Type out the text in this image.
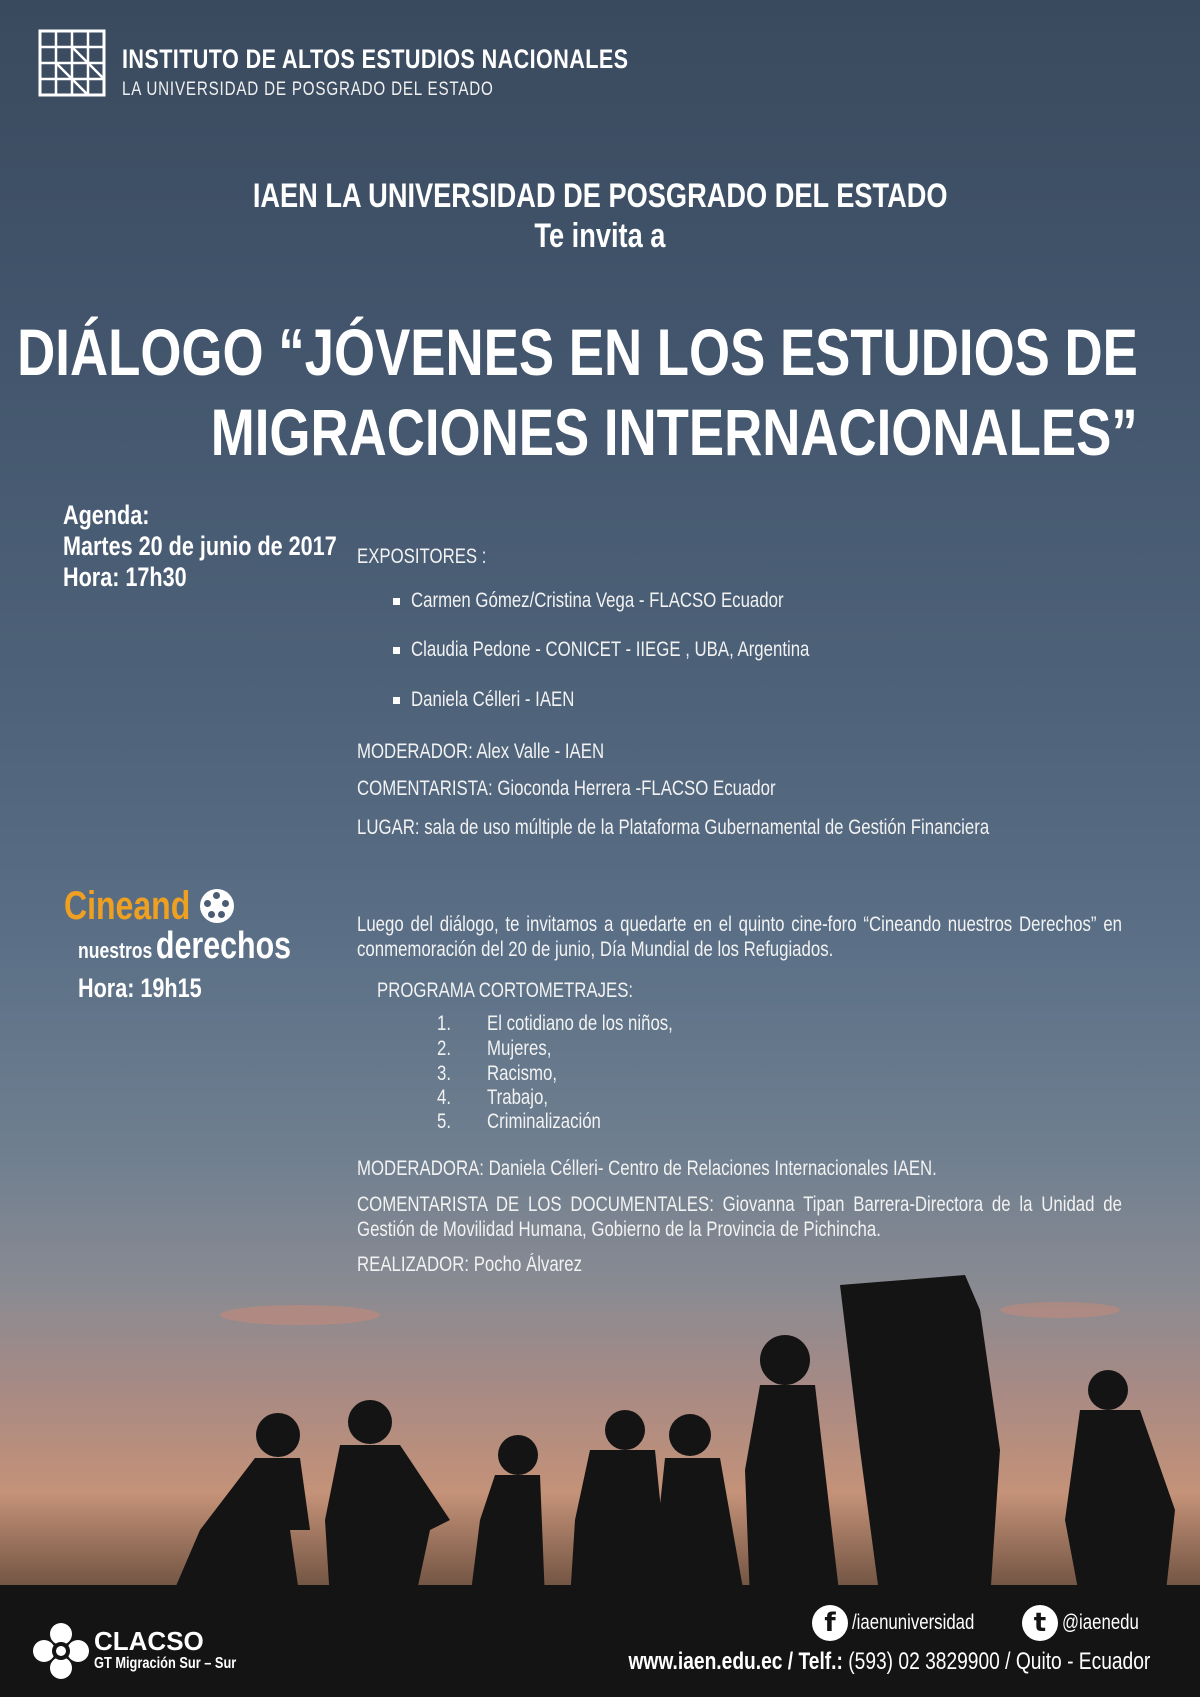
INSTITUTO DE ALTOS ESTUDIOS NACIONALES
LA UNIVERSIDAD DE POSGRADO DEL ESTADO
IAEN LA UNIVERSIDAD DE POSGRADO DEL ESTADO
Te invita a
DIÁLOGO “JÓVENES EN LOS ESTUDIOS DE
MIGRACIONES INTERNACIONALES”
Agenda:
Martes 20 de junio de 2017
Hora: 17h30
EXPOSITORES :
Carmen Gómez/Cristina Vega - FLACSO Ecuador
Claudia Pedone - CONICET - IIEGE , UBA, Argentina
Daniela Célleri - IAEN
MODERADOR: Alex Valle - IAEN
COMENTARISTA: Gioconda Herrera -FLACSO Ecuador
LUGAR: sala de uso múltiple de la Plataforma Gubernamental de Gestión Financiera
Cineand
nuestros derechos
Hora: 19h15
Luego del diálogo, te invitamos a quedarte en el quinto cine-foro “Cineando nuestros Derechos” en conmemoración del 20 de junio, Día Mundial de los Refugiados.
PROGRAMA CORTOMETRAJES:
1. El cotidiano de los niños,
2. Mujeres,
3. Racismo,
4. Trabajo,
5. Criminalización
MODERADORA: Daniela Célleri- Centro de Relaciones Internacionales IAEN.
COMENTARISTA DE LOS DOCUMENTALES: Giovanna Tipan Barrera-Directora de la Unidad de Gestión de Movilidad Humana, Gobierno de la Provincia de Pichincha.
REALIZADOR: Pocho Álvarez
CLACSO
GT Migración Sur – Sur
f /iaenuniversidad	t @iaenedu
www.iaen.edu.ec / Telf.: (593) 02 3829900 / Quito - Ecuador
